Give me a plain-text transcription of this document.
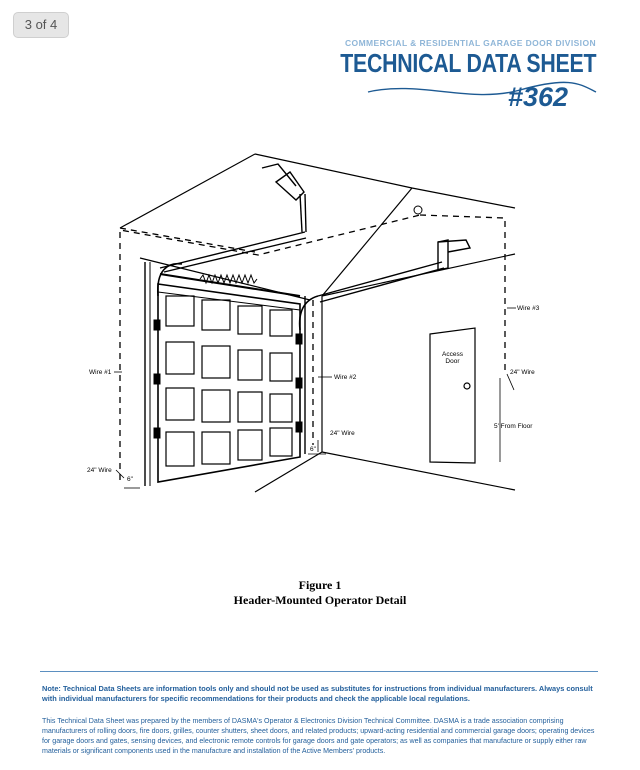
3 of 4
COMMERCIAL & RESIDENTIAL GARAGE DOOR DIVISION
TECHNICAL DATA SHEET
#362
Wire #1
Wire #2
Wire #3
24" Wire
24" Wire
24" Wire
6"
6"
Access
Door
5' From Floor
Figure 1
Header-Mounted Operator Detail
Note: Technical Data Sheets are information tools only and should not be used as substitutes for instructions from individual manufacturers. Always consult with individual manufacturers for specific recommendations for their products and check the applicable local regulations.
This Technical Data Sheet was prepared by the members of DASMA's Operator & Electronics Division Technical Committee. DASMA is a trade association comprising manufacturers of rolling doors, fire doors, grilles, counter shutters, sheet doors, and related products; upward-acting residential and commercial garage doors; operating devices for garage doors and gates, sensing devices, and electronic remote controls for garage doors and gate operators; as well as companies that manufacture or supply either raw materials or significant components used in the manufacture and installation of the Active Members' products.
